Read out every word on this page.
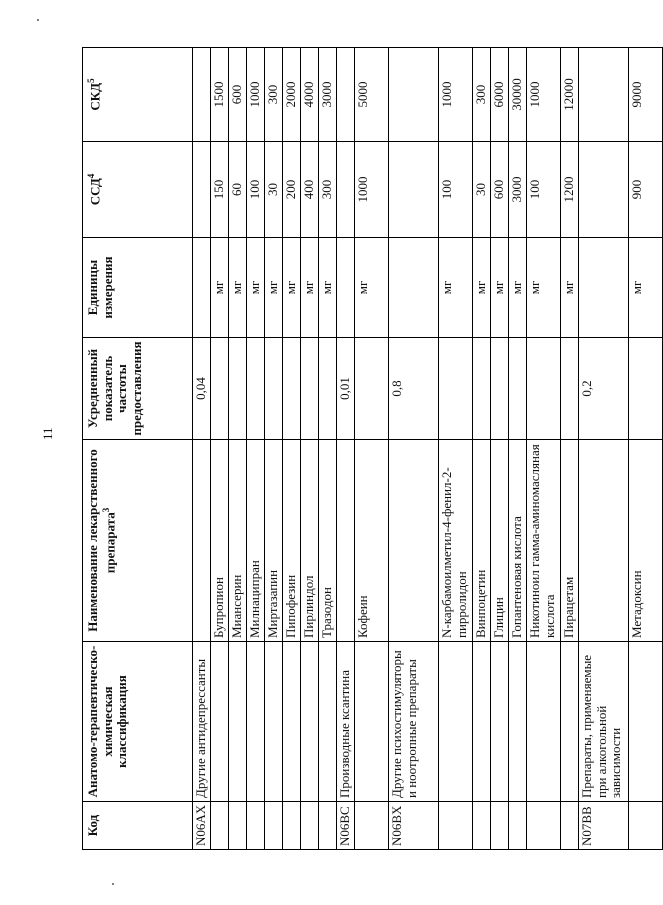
11
Код	Анатомо-терапевтическо-химическая классификация	Наименование лекарственного препарата$^3$	Усредненный показатель частоты предоставления	Единицы измерения	ССД$^4$	СКД$^5$
N06AX	Другие антидепрессанты		0,04			
		Бупропион		мг	150	1500
		Миансерин		мг	60	600
		Милнаципран		мг	100	1000
		Миртазапин		мг	30	300
		Пипофезин		мг	200	2000
		Пирлиндол		мг	400	4000
		Тразодон		мг	300	3000
N06BC	Производные ксантина		0,01			
		Кофеин		мг	1000	5000
N06BX	Другие психостимуляторы и ноотропные препараты		0,8			
		N-карбамоилметил-4-фенил-2-пирролидон		мг	100	1000
		Винпоцетин		мг	30	300
		Глицин		мг	600	6000
		Гопантеновая кислота		мг	3000	30000
		Никотиноил гамма-аминомасляная кислота		мг	100	1000
		Пирацетам		мг	1200	12000
N07BB	Препараты, применяемые при алкогольной зависимости		0,2			
		Метадоксин		мг	900	9000
